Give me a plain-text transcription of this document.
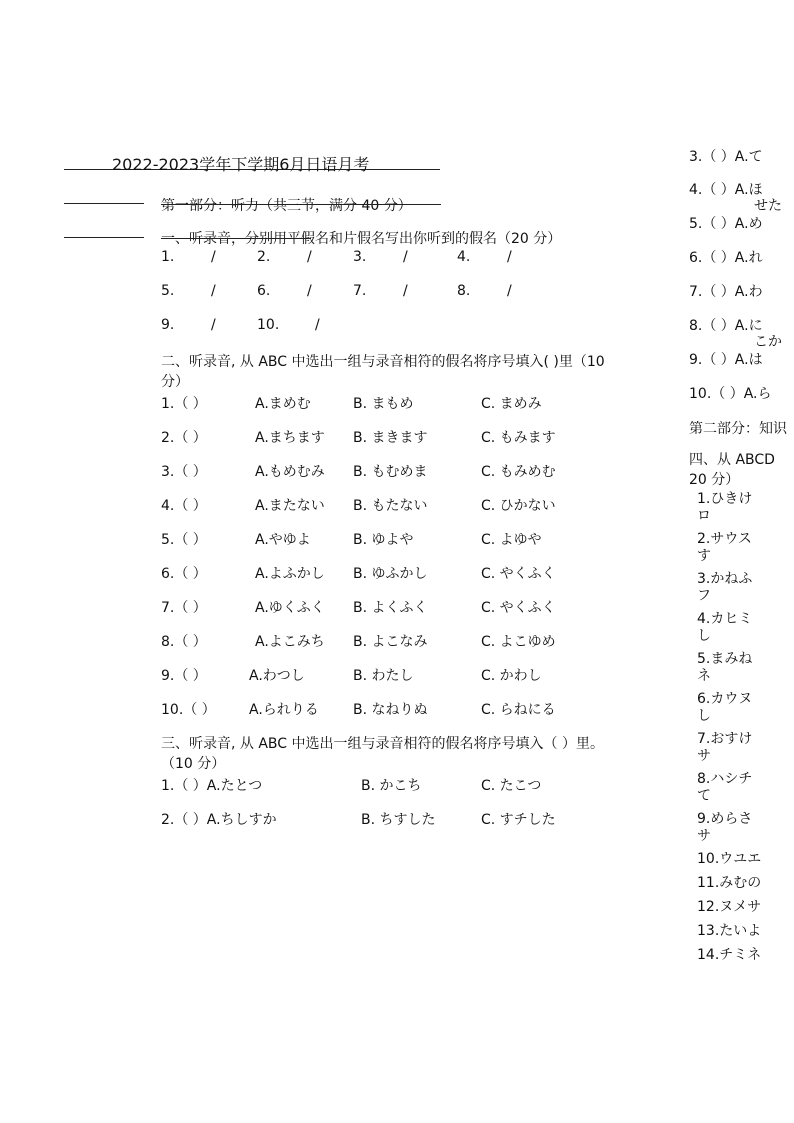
2022-2023学年下学期6月日语月考
第一部分：听力（共三节，满分 40 分）
一、听录音，分别用平假名和片假名写出你听到的假名（20 分）
1.	/	2.	/	3.	/	4.	/
5.	/	6.	/	7.	/	8.	/
9.	/	10.	/
二、听录音, 从 ABC 中选出一组与录音相符的假名将序号填入( )里（10
分）
1.（ ）	A.まめむ	B. まもめ	C. まめみ
2.（ ）	A.まちます B. まきます	C. もみます
3.（ ）	A.もめむみ B. もむめま	C. もみめむ
4.（ ）	A.またない B. もたない	C. ひかない
5.（ ）	A.やゆよ	B. ゆよや	C. よゆや
6.（ ）	A.よふかし B. ゆふかし	C. やくふく
7.（ ）	A.ゆくふく B. よくふく	C. やくふく
8.（ ）	A.よこみち B. よこなみ	C. よこゆめ
9.（ ）	A.わつし	B. わたし	C. かわし
10.（ ） A.られりる B. なねりぬ	C. らねにる
三、听录音, 从 ABC 中选出一组与录音相符的假名将序号填入（ ）里。
（10 分）
1.（ ）A.たとつ	B. かこち	C. たこつ
2.（ ）A.ちしすか	B. ちすした	C. すチした
3.（ ）A.て
4.（ ）A.ほ
せた
5.（ ）A.め
6.（ ）A.れ
7.（ ）A.わ
8.（ ）A.に
こか
9.（ ）A.は
10.（ ）A.ら
第二部分：知识
四、从 ABCD
20 分）
1.ひきけ
ロ
2.サウス
す
3.かねふ
フ
4.カヒミ
し
5.まみね
ネ
6.カウヌ
し
7.おすけ
サ
8.ハシチ
て
9.めらさ
サ
10.ウユエ
11.みむの
12.ヌメサ
13.たいよ
14.チミネ
